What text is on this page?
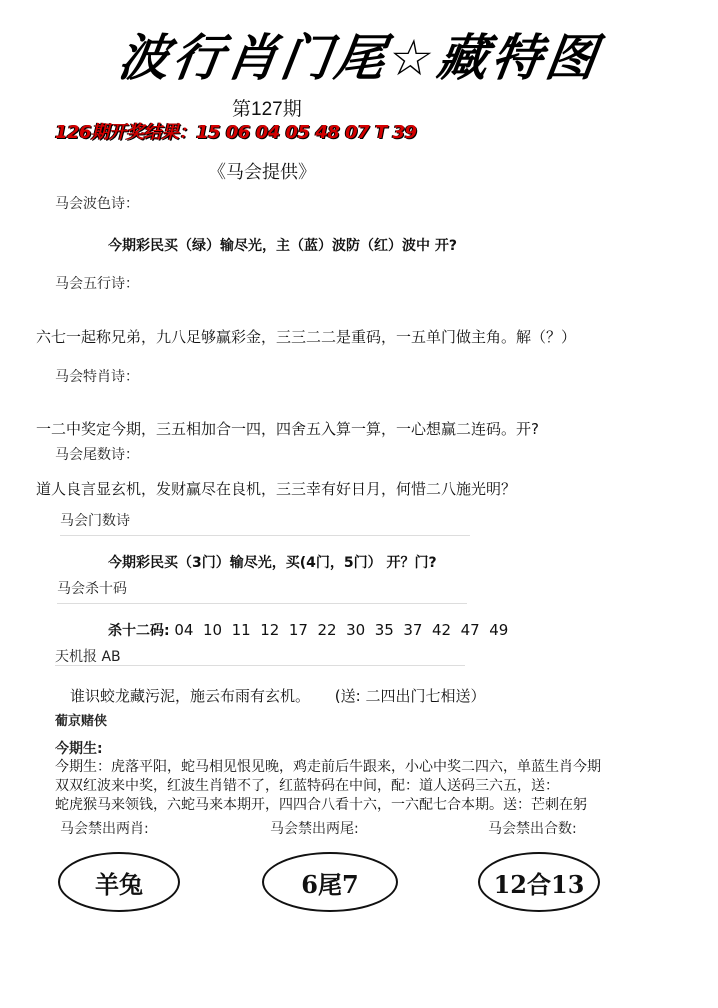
波行肖门尾☆藏特图
第127期
126期开奖结果：15 06 04 05 48 07 T 39
《马会提供》
马会波色诗：
今期彩民买（绿）输尽光，主（蓝）波防（红）波中 开?
马会五行诗：
六七一起称兄弟，九八足够赢彩金，三三二二是重码，一五单门做主角。解（？）
马会特肖诗：
一二中奖定今期，三五相加合一四，四舍五入算一算，一心想赢二连码。开?
马会尾数诗：
道人良言显玄机，发财赢尽在良机，三三幸有好日月，何惜二八施光明？
马会门数诗
今期彩民买（3门）输尽光，买(4门，5门） 开？门?
马会杀十码
杀十二码: 04  10  11  12  17  22  30  35  37  42  47  49
天机报 AB
谁识蛟龙藏污泥，施云布雨有玄机。 (送: 二四出门七相送）
葡京赌侠
今期生:
今期生：虎落平阳，蛇马相见恨见晚，鸡走前后牛跟来，小心中奖二四六，单蓝生肖今期
双双红波来中奖，红波生肖错不了，红蓝特码在中间，配：道人送码三六五，送：
蛇虎猴马来领钱，六蛇马来本期开，四四合八看十六，一六配七合本期。送：芒刺在躬
马会禁出两肖:	马会禁出两尾:	马会禁出合数:
羊兔	6尾7	12合13
